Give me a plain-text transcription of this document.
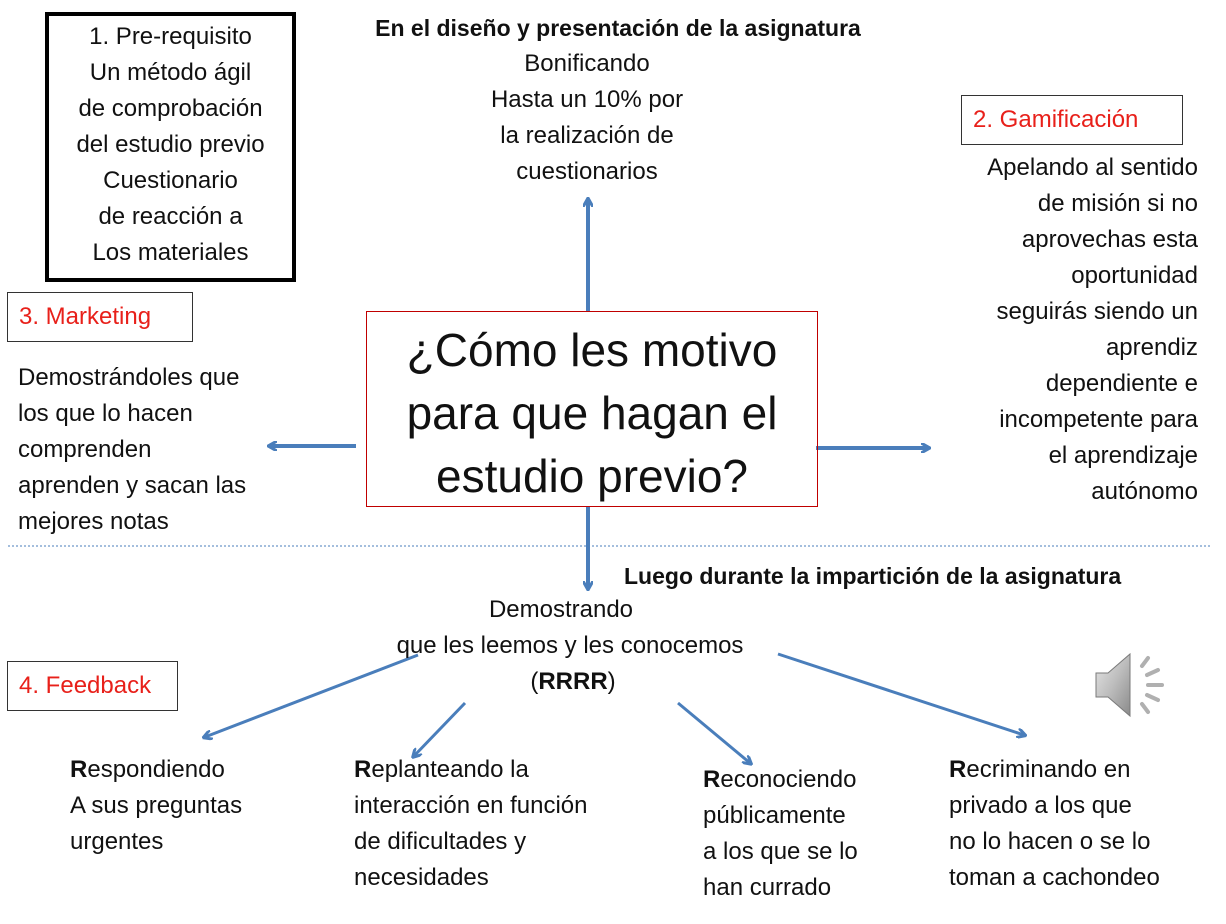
1. Pre-requisito
Un método ágil
de comprobación
del estudio previo
Cuestionario
de reacción a
Los materiales
En el diseño y presentación de la asignatura
Bonificando
Hasta un 10% por
la realización de
cuestionarios
2. Gamificación
Apelando al sentido
de misión si no
aprovechas esta
oportunidad
seguirás siendo un
aprendiz
dependiente e
incompetente para
el aprendizaje
autónomo
3. Marketing
Demostrándoles que
los que lo hacen
comprenden
aprenden y sacan las
mejores notas
¿Cómo les motivo
para que hagan el
estudio previo?
Luego durante la impartición de la asignatura
Demostrando
que les leemos y les conocemos
(RRRR)
4. Feedback
Respondiendo
A sus preguntas
urgentes
Replanteando la
interacción en función
de dificultades y
necesidades
Reconociendo
públicamente
a los que se lo
han currado
Recriminando en
privado a los que
no lo hacen o se lo
toman a cachondeo
